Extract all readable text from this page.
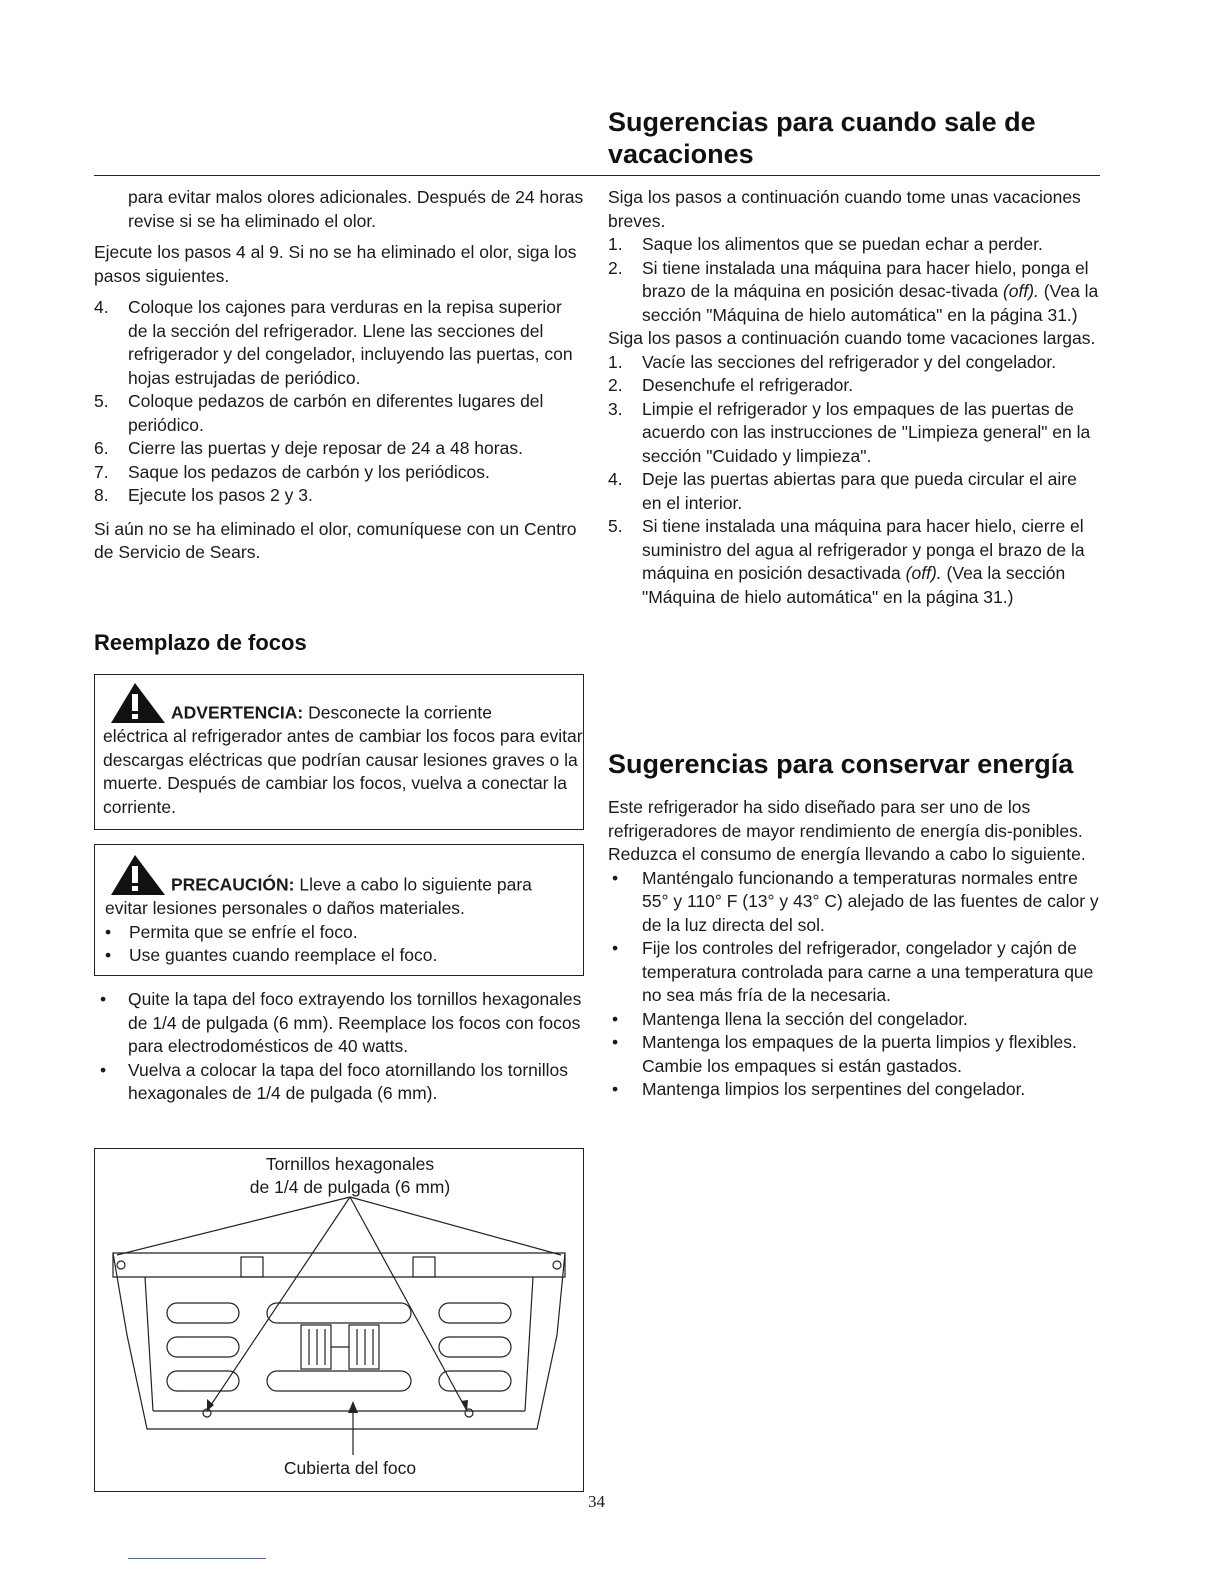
Sugerencias para cuando sale de vacaciones
para evitar malos olores adicionales. Después de 24 horas revise si se ha eliminado el olor.
Ejecute los pasos 4 al 9. Si no se ha eliminado el olor, siga los pasos siguientes.
4. Coloque los cajones para verduras en la repisa superior de la sección del refrigerador. Llene las secciones del refrigerador y del congelador, incluyendo las puertas, con hojas estrujadas de periódico.
5. Coloque pedazos de carbón en diferentes lugares del periódico.
6. Cierre las puertas y deje reposar de 24 a 48 horas.
7. Saque los pedazos de carbón y los periódicos.
8. Ejecute los pasos 2 y 3.
Si aún no se ha eliminado el olor, comuníquese con un Centro de Servicio de Sears.
Reemplazo de focos
ADVERTENCIA: Desconecte la corriente
eléctrica al refrigerador antes de cambiar los focos para evitar descargas eléctricas que podrían causar lesiones graves o la muerte. Después de cambiar los focos, vuelva a conectar la corriente.
PRECAUCIÓN: Lleve a cabo lo siguiente para
evitar lesiones personales o daños materiales.
• Permita que se enfríe el foco.
• Use guantes cuando reemplace el foco.
• Quite la tapa del foco extrayendo los tornillos hexagonales de 1/4 de pulgada (6 mm). Reemplace los focos con focos para electrodomésticos de 40 watts.
• Vuelva a colocar la tapa del foco atornillando los tornillos hexagonales de 1/4 de pulgada (6 mm).
Tornillos hexagonales
de 1/4 de pulgada (6 mm)
Cubierta del foco
Siga los pasos a continuación cuando tome unas vacaciones breves.
1. Saque los alimentos que se puedan echar a perder.
2. Si tiene instalada una máquina para hacer hielo, ponga el brazo de la máquina en posición desac-tivada (off). (Vea la sección "Máquina de hielo automática" en la página 31.)
Siga los pasos a continuación cuando tome vacaciones largas.
1. Vacíe las secciones del refrigerador y del congelador.
2. Desenchufe el refrigerador.
3. Limpie el refrigerador y los empaques de las puertas de acuerdo con las instrucciones de "Limpieza general" en la sección "Cuidado y limpieza".
4. Deje las puertas abiertas para que pueda circular el aire en el interior.
5. Si tiene instalada una máquina para hacer hielo, cierre el suministro del agua al refrigerador y ponga el brazo de la máquina en posición desactivada (off). (Vea la sección "Máquina de hielo automática" en la página 31.)
Sugerencias para conservar energía
Este refrigerador ha sido diseñado para ser uno de los refrigeradores de mayor rendimiento de energía dis-ponibles. Reduzca el consumo de energía llevando a cabo lo siguiente.
• Manténgalo funcionando a temperaturas normales entre 55° y 110° F (13° y 43° C) alejado de las fuentes de calor y de la luz directa del sol.
• Fije los controles del refrigerador, congelador y cajón de temperatura controlada para carne a una temperatura que no sea más fría de la necesaria.
• Mantenga llena la sección del congelador.
• Mantenga los empaques de la puerta limpios y flexibles. Cambie los empaques si están gastados.
• Mantenga limpios los serpentines del congelador.
34
